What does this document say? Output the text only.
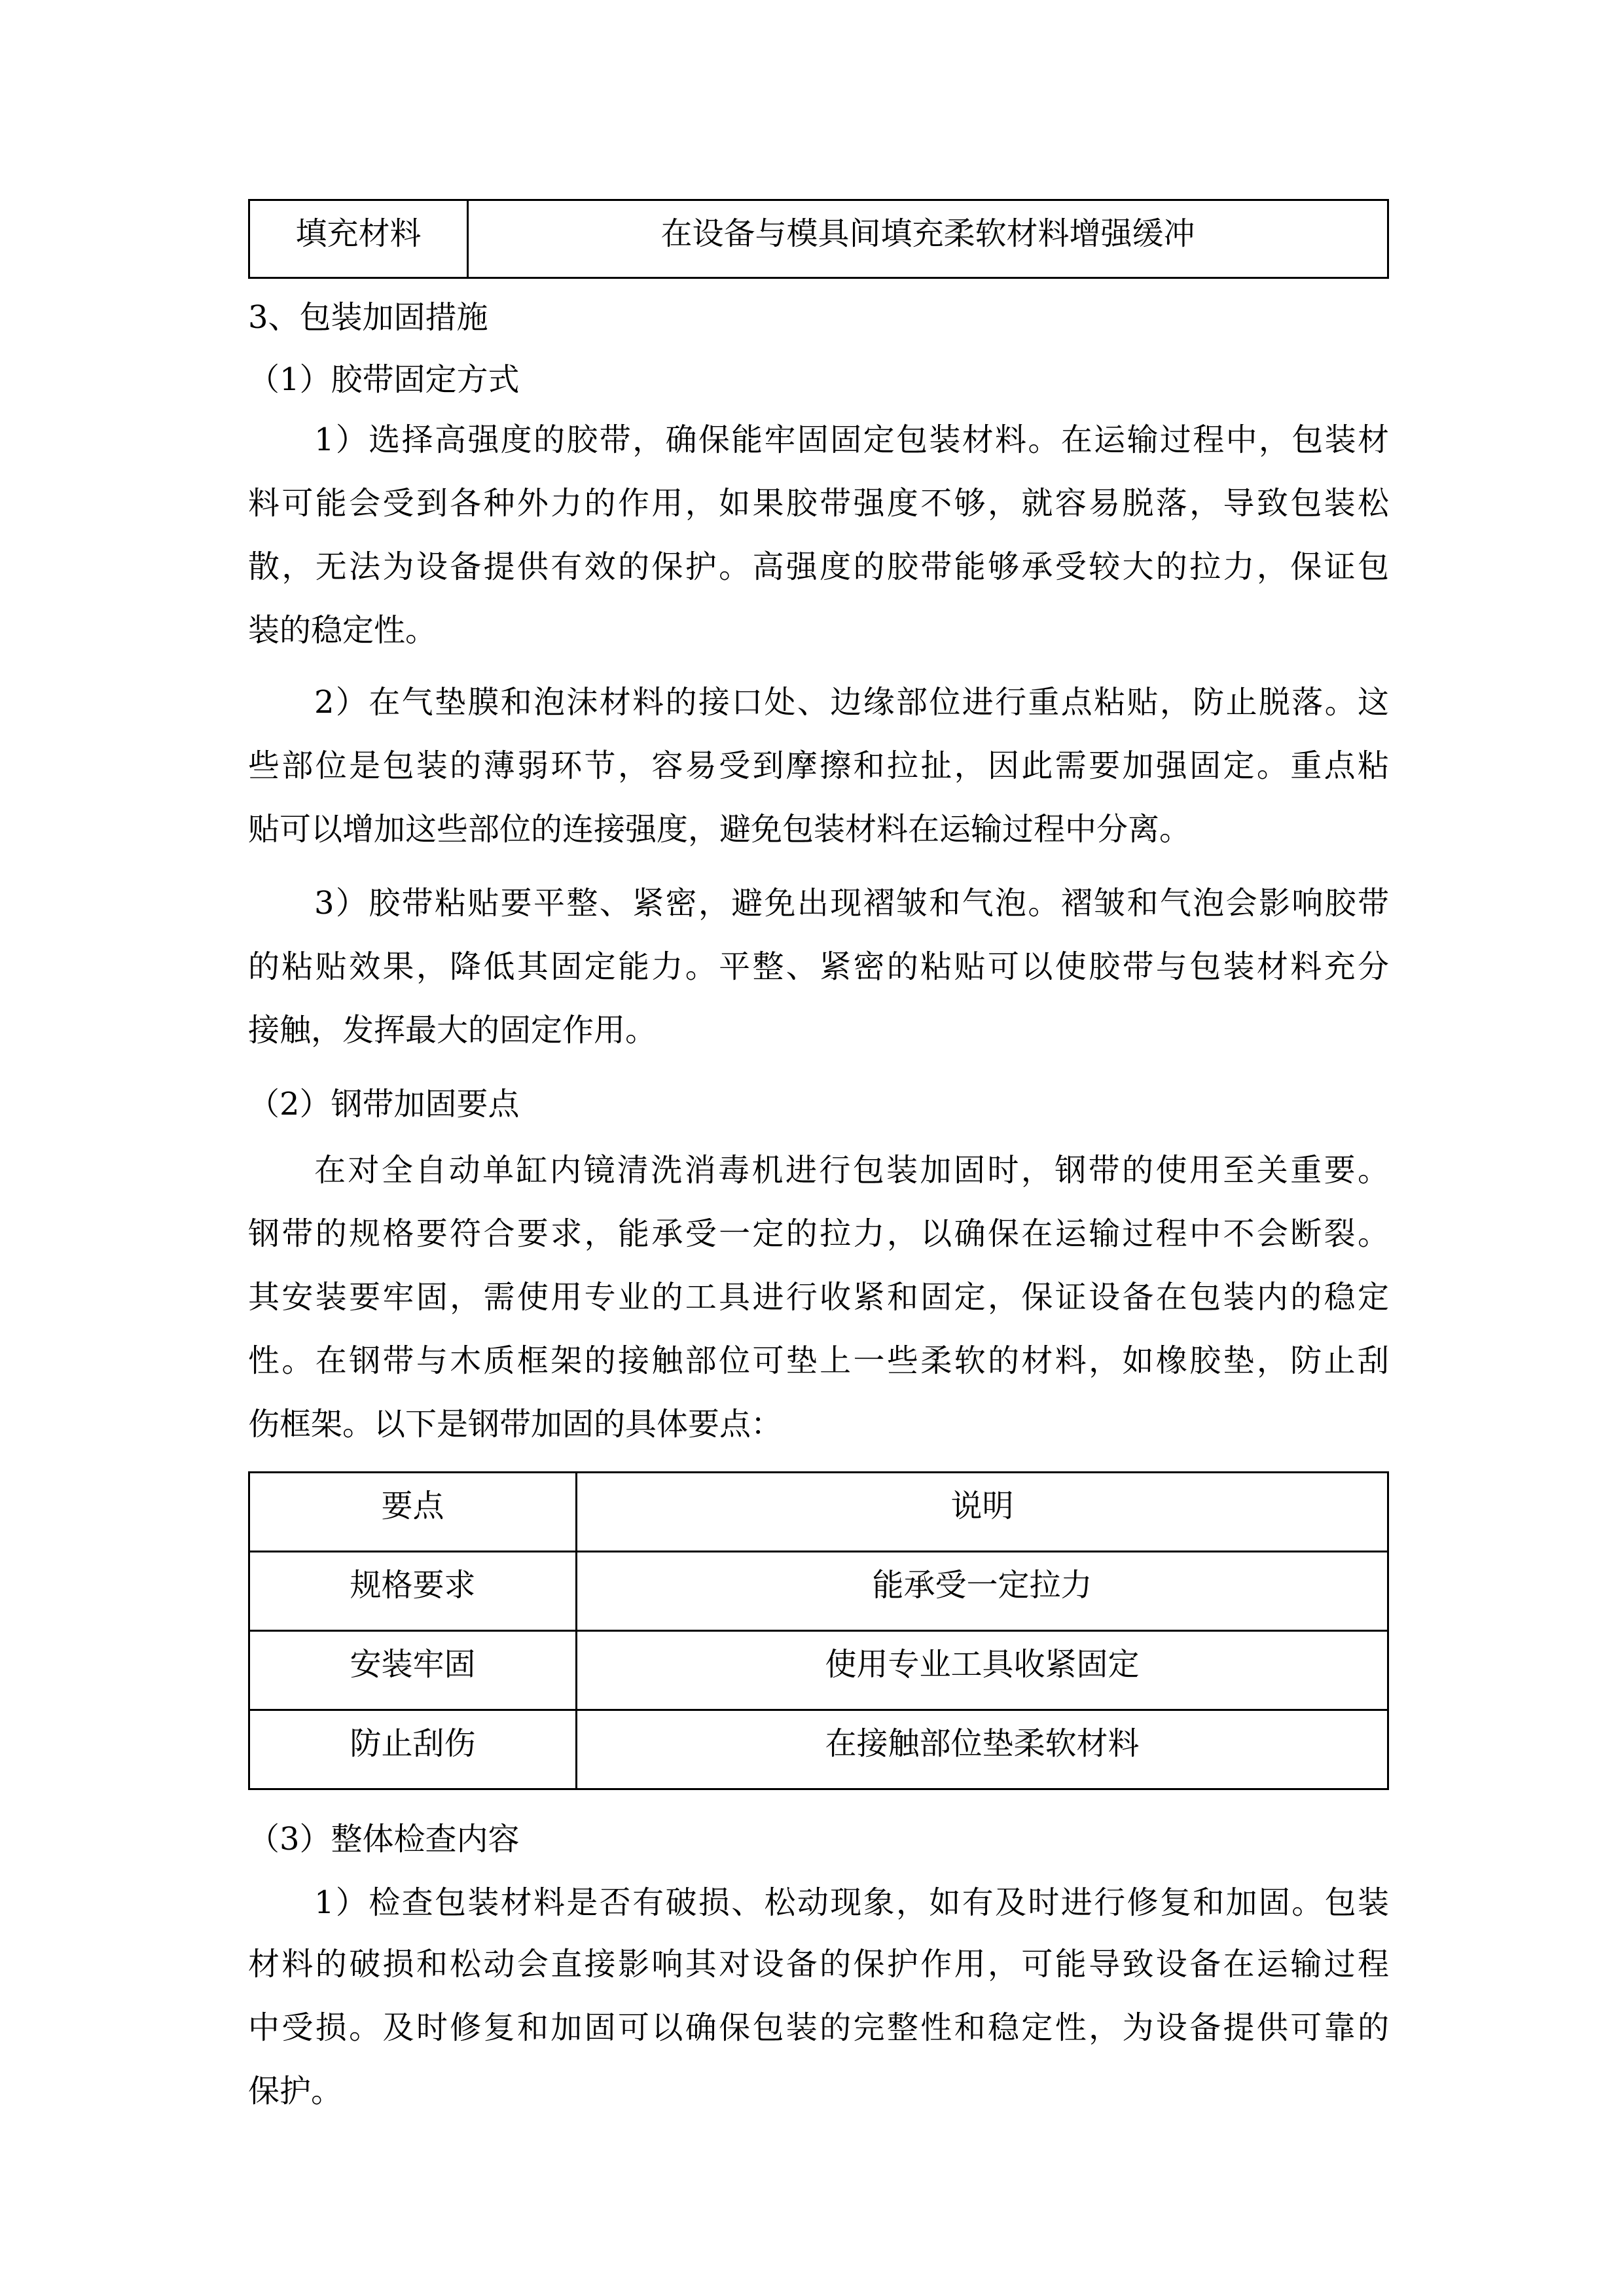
填充材料	在设备与模具间填充柔软材料增强缓冲
要点	说明

规格要求	能承受一定拉力

安装牢固	使用专业工具收紧固定

防止刮伤	在接触部位垫柔软材料
3、包装加固措施
（1）胶带固定方式
1）选择高强度的胶带，确保能牢固固定包装材料。在运输过程中，包装材
料可能会受到各种外力的作用，如果胶带强度不够，就容易脱落，导致包装松
散，无法为设备提供有效的保护。高强度的胶带能够承受较大的拉力，保证包
装的稳定性。
2）在气垫膜和泡沫材料的接口处、边缘部位进行重点粘贴，防止脱落。这
些部位是包装的薄弱环节，容易受到摩擦和拉扯，因此需要加强固定。重点粘
贴可以增加这些部位的连接强度，避免包装材料在运输过程中分离。
3）胶带粘贴要平整、紧密，避免出现褶皱和气泡。褶皱和气泡会影响胶带
的粘贴效果，降低其固定能力。平整、紧密的粘贴可以使胶带与包装材料充分
接触，发挥最大的固定作用。
（2）钢带加固要点
在对全自动单缸内镜清洗消毒机进行包装加固时，钢带的使用至关重要。
钢带的规格要符合要求，能承受一定的拉力，以确保在运输过程中不会断裂。
其安装要牢固，需使用专业的工具进行收紧和固定，保证设备在包装内的稳定
性。在钢带与木质框架的接触部位可垫上一些柔软的材料，如橡胶垫，防止刮
伤框架。以下是钢带加固的具体要点：
（3）整体检查内容
1）检查包装材料是否有破损、松动现象，如有及时进行修复和加固。包装
材料的破损和松动会直接影响其对设备的保护作用，可能导致设备在运输过程
中受损。及时修复和加固可以确保包装的完整性和稳定性，为设备提供可靠的
保护。
